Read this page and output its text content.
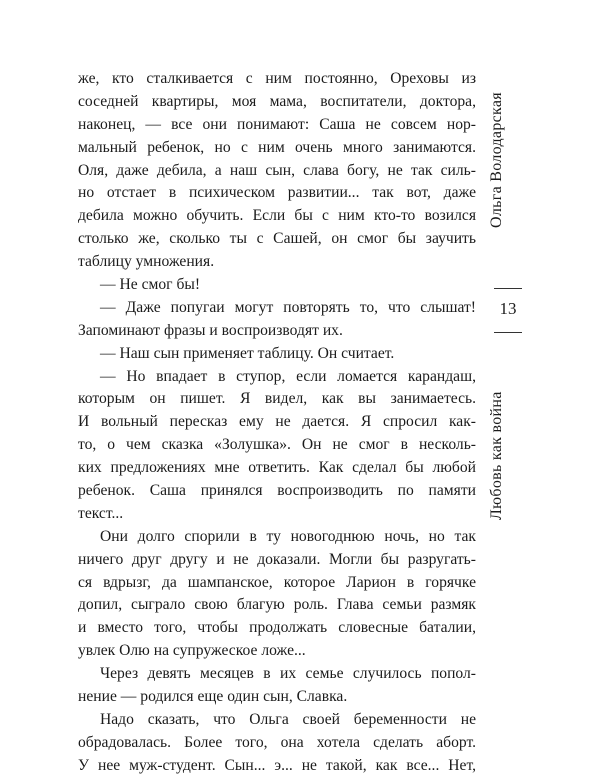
же, кто сталкивается с ним постоянно, Ореховы из
соседней квартиры, моя мама, воспитатели, доктора,
наконец, — все они понимают: Саша не совсем нор-
мальный ребенок, но с ним очень много занимаются.
Оля, даже дебила, а наш сын, слава богу, не так силь-
но отстает в психическом развитии... так вот, даже
дебила можно обучить. Если бы с ним кто-то возился
столько же, сколько ты с Сашей, он смог бы заучить
таблицу умножения.
— Не смог бы!
— Даже попугаи могут повторять то, что слышат!
Запоминают фразы и воспроизводят их.
— Наш сын применяет таблицу. Он считает.
— Но впадает в ступор, если ломается карандаш,
которым он пишет. Я видел, как вы занимаетесь.
И вольный пересказ ему не дается. Я спросил как-
то, о чем сказка «Золушка». Он не смог в несколь-
ких предложениях мне ответить. Как сделал бы любой
ребенок. Саша принялся воспроизводить по памяти
текст...
Они долго спорили в ту новогоднюю ночь, но так
ничего друг другу и не доказали. Могли бы разругать-
ся вдрызг, да шампанское, которое Ларион в горячке
допил, сыграло свою благую роль. Глава семьи размяк
и вместо того, чтобы продолжать словесные баталии,
увлек Олю на супружеское ложе...
Через девять месяцев в их семье случилось попол-
нение — родился еще один сын, Славка.
Надо сказать, что Ольга своей беременности не
обрадовалась. Более того, она хотела сделать аборт.
У нее муж-студент. Сын... э... не такой, как все... Нет,
Ольга Володарская
13
Любовь как война
